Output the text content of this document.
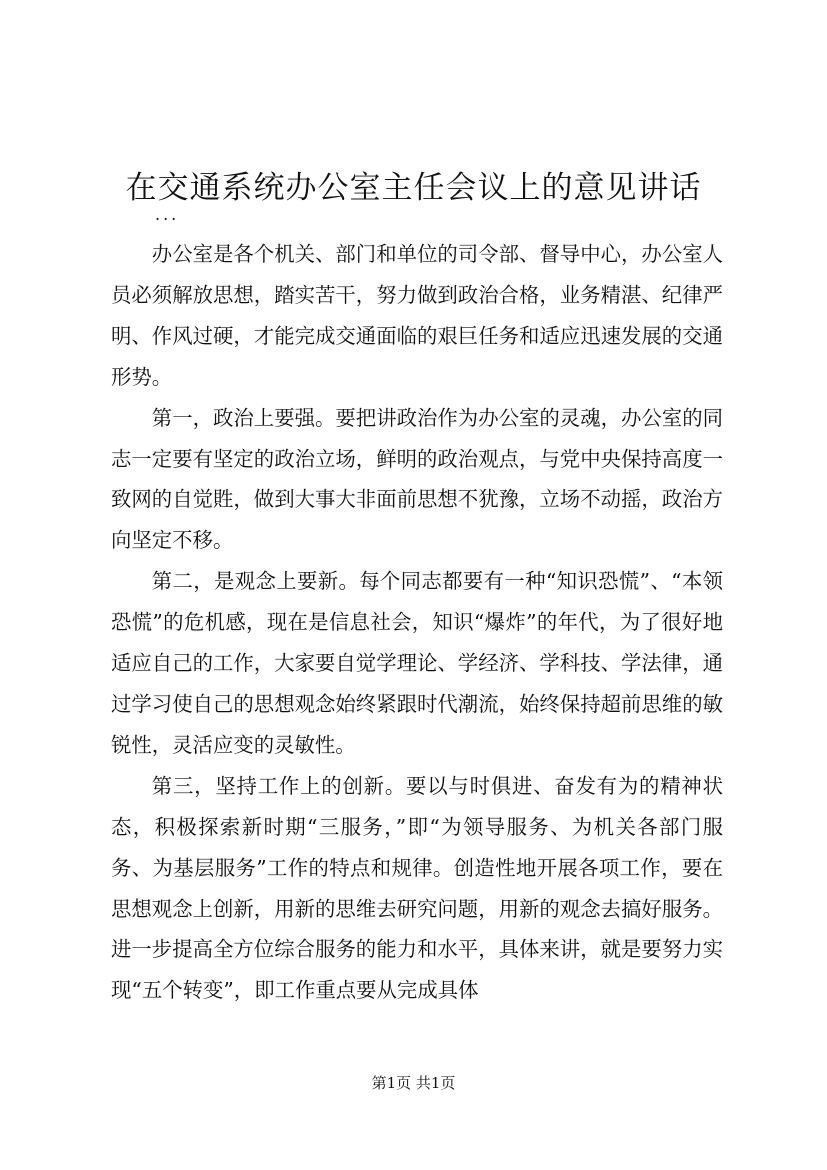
在交通系统办公室主任会议上的意见讲话
...

办公室是各个机关、部门和单位的司令部、督导中心，办公室人员必须解放思想，踏实苦干，努力做到政治合格，业务精湛、纪律严明、作风过硬，才能完成交通面临的艰巨任务和适应迅速发展的交通形势。

第一，政治上要强。要把讲政治作为办公室的灵魂，办公室的同志一定要有坚定的政治立场，鲜明的政治观点，与党中央保持高度一致网的自觉貹，做到大事大非面前思想不犹豫，立场不动摇，政治方向坚定不移。

第二，是观念上要新。每个同志都要有一种“知识恐慌”、“本领恐慌”的危机感，现在是信息社会，知识“爆炸”的年代，为了很好地适应自己的工作，大家要自觉学理论、学经济、学科技、学法律，通过学习使自己的思想观念始终紧跟时代潮流，始终保持超前思维的敏锐性，灵活应变的灵敏性。

第三，坚持工作上的创新。要以与时俱进、奋发有为的精神状态，积极探索新时期“三服务，”即“为领导服务、为机关各部门服务、为基层服务”工作的特点和规律。创造性地开展各项工作，要在思想观念上创新，用新的思维去研究问题，用新的观念去搞好服务。进一步提高全方位综合服务的能力和水平，具体来讲，就是要努力实现“五个转变”，即工作重点要从完成具体

第1页 共1页
